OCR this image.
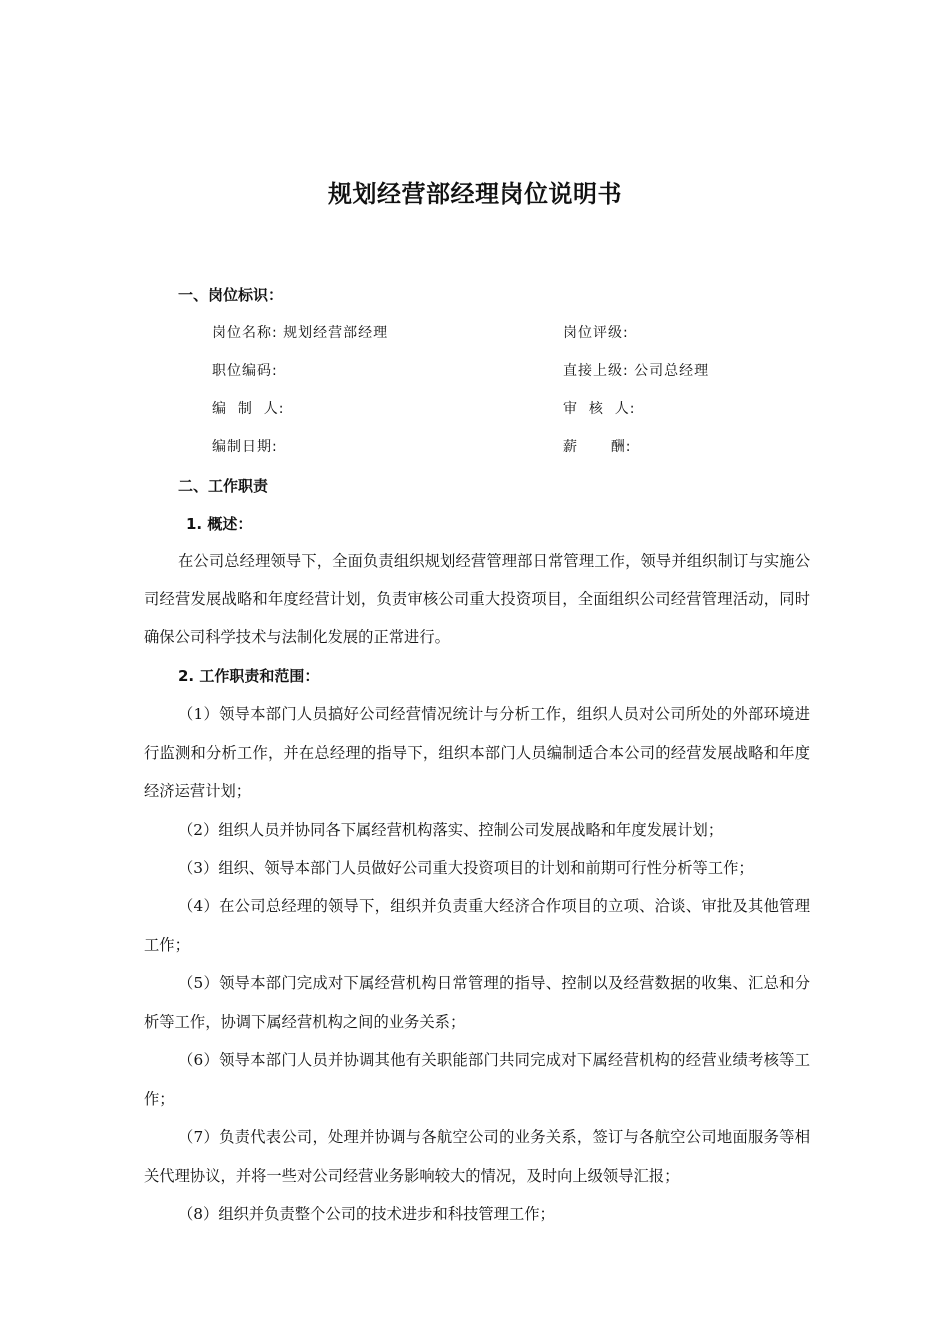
规划经营部经理岗位说明书
一、岗位标识：
岗位名称: 规划经营部经理	岗位评级:
职位编码:	直接上级: 公司总经理
编  制  人:	审  核  人:
编制日期:	薪      酬:
二、工作职责
1. 概述：
在公司总经理领导下，全面负责组织规划经营管理部日常管理工作，领导并组织制订与实施公司经营发展战略和年度经营计划，负责审核公司重大投资项目，全面组织公司经营管理活动，同时确保公司科学技术与法制化发展的正常进行。
2. 工作职责和范围：
（1）领导本部门人员搞好公司经营情况统计与分析工作，组织人员对公司所处的外部环境进行监测和分析工作，并在总经理的指导下，组织本部门人员编制适合本公司的经营发展战略和年度经济运营计划；
（2）组织人员并协同各下属经营机构落实、控制公司发展战略和年度发展计划；
（3）组织、领导本部门人员做好公司重大投资项目的计划和前期可行性分析等工作；
（4）在公司总经理的领导下，组织并负责重大经济合作项目的立项、洽谈、审批及其他管理工作；
（5）领导本部门完成对下属经营机构日常管理的指导、控制以及经营数据的收集、汇总和分析等工作，协调下属经营机构之间的业务关系；
（6）领导本部门人员并协调其他有关职能部门共同完成对下属经营机构的经营业绩考核等工作；
（7）负责代表公司，处理并协调与各航空公司的业务关系，签订与各航空公司地面服务等相关代理协议，并将一些对公司经营业务影响较大的情况，及时向上级领导汇报；
（8）组织并负责整个公司的技术进步和科技管理工作；
